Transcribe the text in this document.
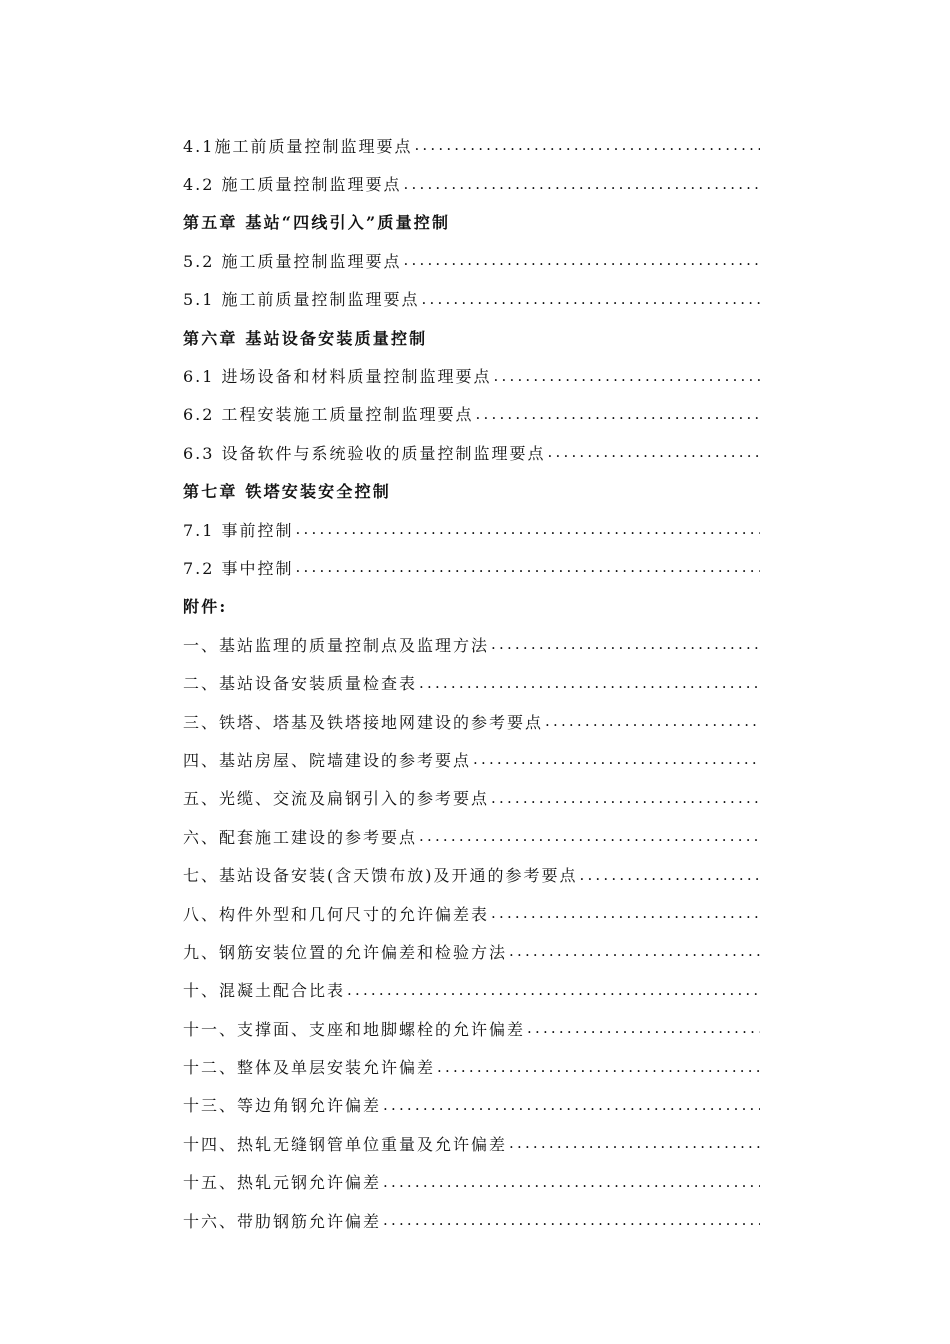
4.1施工前质量控制监理要点
.....
4.2 施工质量控制监理要点
.....
第五章 基站“四线引入”质量控制
5.2 施工质量控制监理要点
.....
5.1 施工前质量控制监理要点
.....
第六章 基站设备安装质量控制
6.1 进场设备和材料质量控制监理要点
.....
6.2 工程安装施工质量控制监理要点
.....
6.3 设备软件与系统验收的质量控制监理要点
.....
第七章 铁塔安装安全控制
7.1 事前控制
.....
7.2 事中控制
.....
附件:
一、基站监理的质量控制点及监理方法
.....
二、基站设备安装质量检查表
.....
三、铁塔、塔基及铁塔接地网建设的参考要点
.....
四、基站房屋、院墙建设的参考要点
.....
五、光缆、交流及扁钢引入的参考要点
.....
六、配套施工建设的参考要点
.....
七、基站设备安装(含天馈布放)及开通的参考要点
.....
八、构件外型和几何尺寸的允许偏差表
.....
九、钢筋安装位置的允许偏差和检验方法
.....
十、混凝土配合比表
.....
十一、支撑面、支座和地脚螺栓的允许偏差
.....
十二、整体及单层安装允许偏差
.....
十三、等边角钢允许偏差
.....
十四、热轧无缝钢管单位重量及允许偏差
.....
十五、热轧元钢允许偏差
.....
十六、带肋钢筋允许偏差
.....
